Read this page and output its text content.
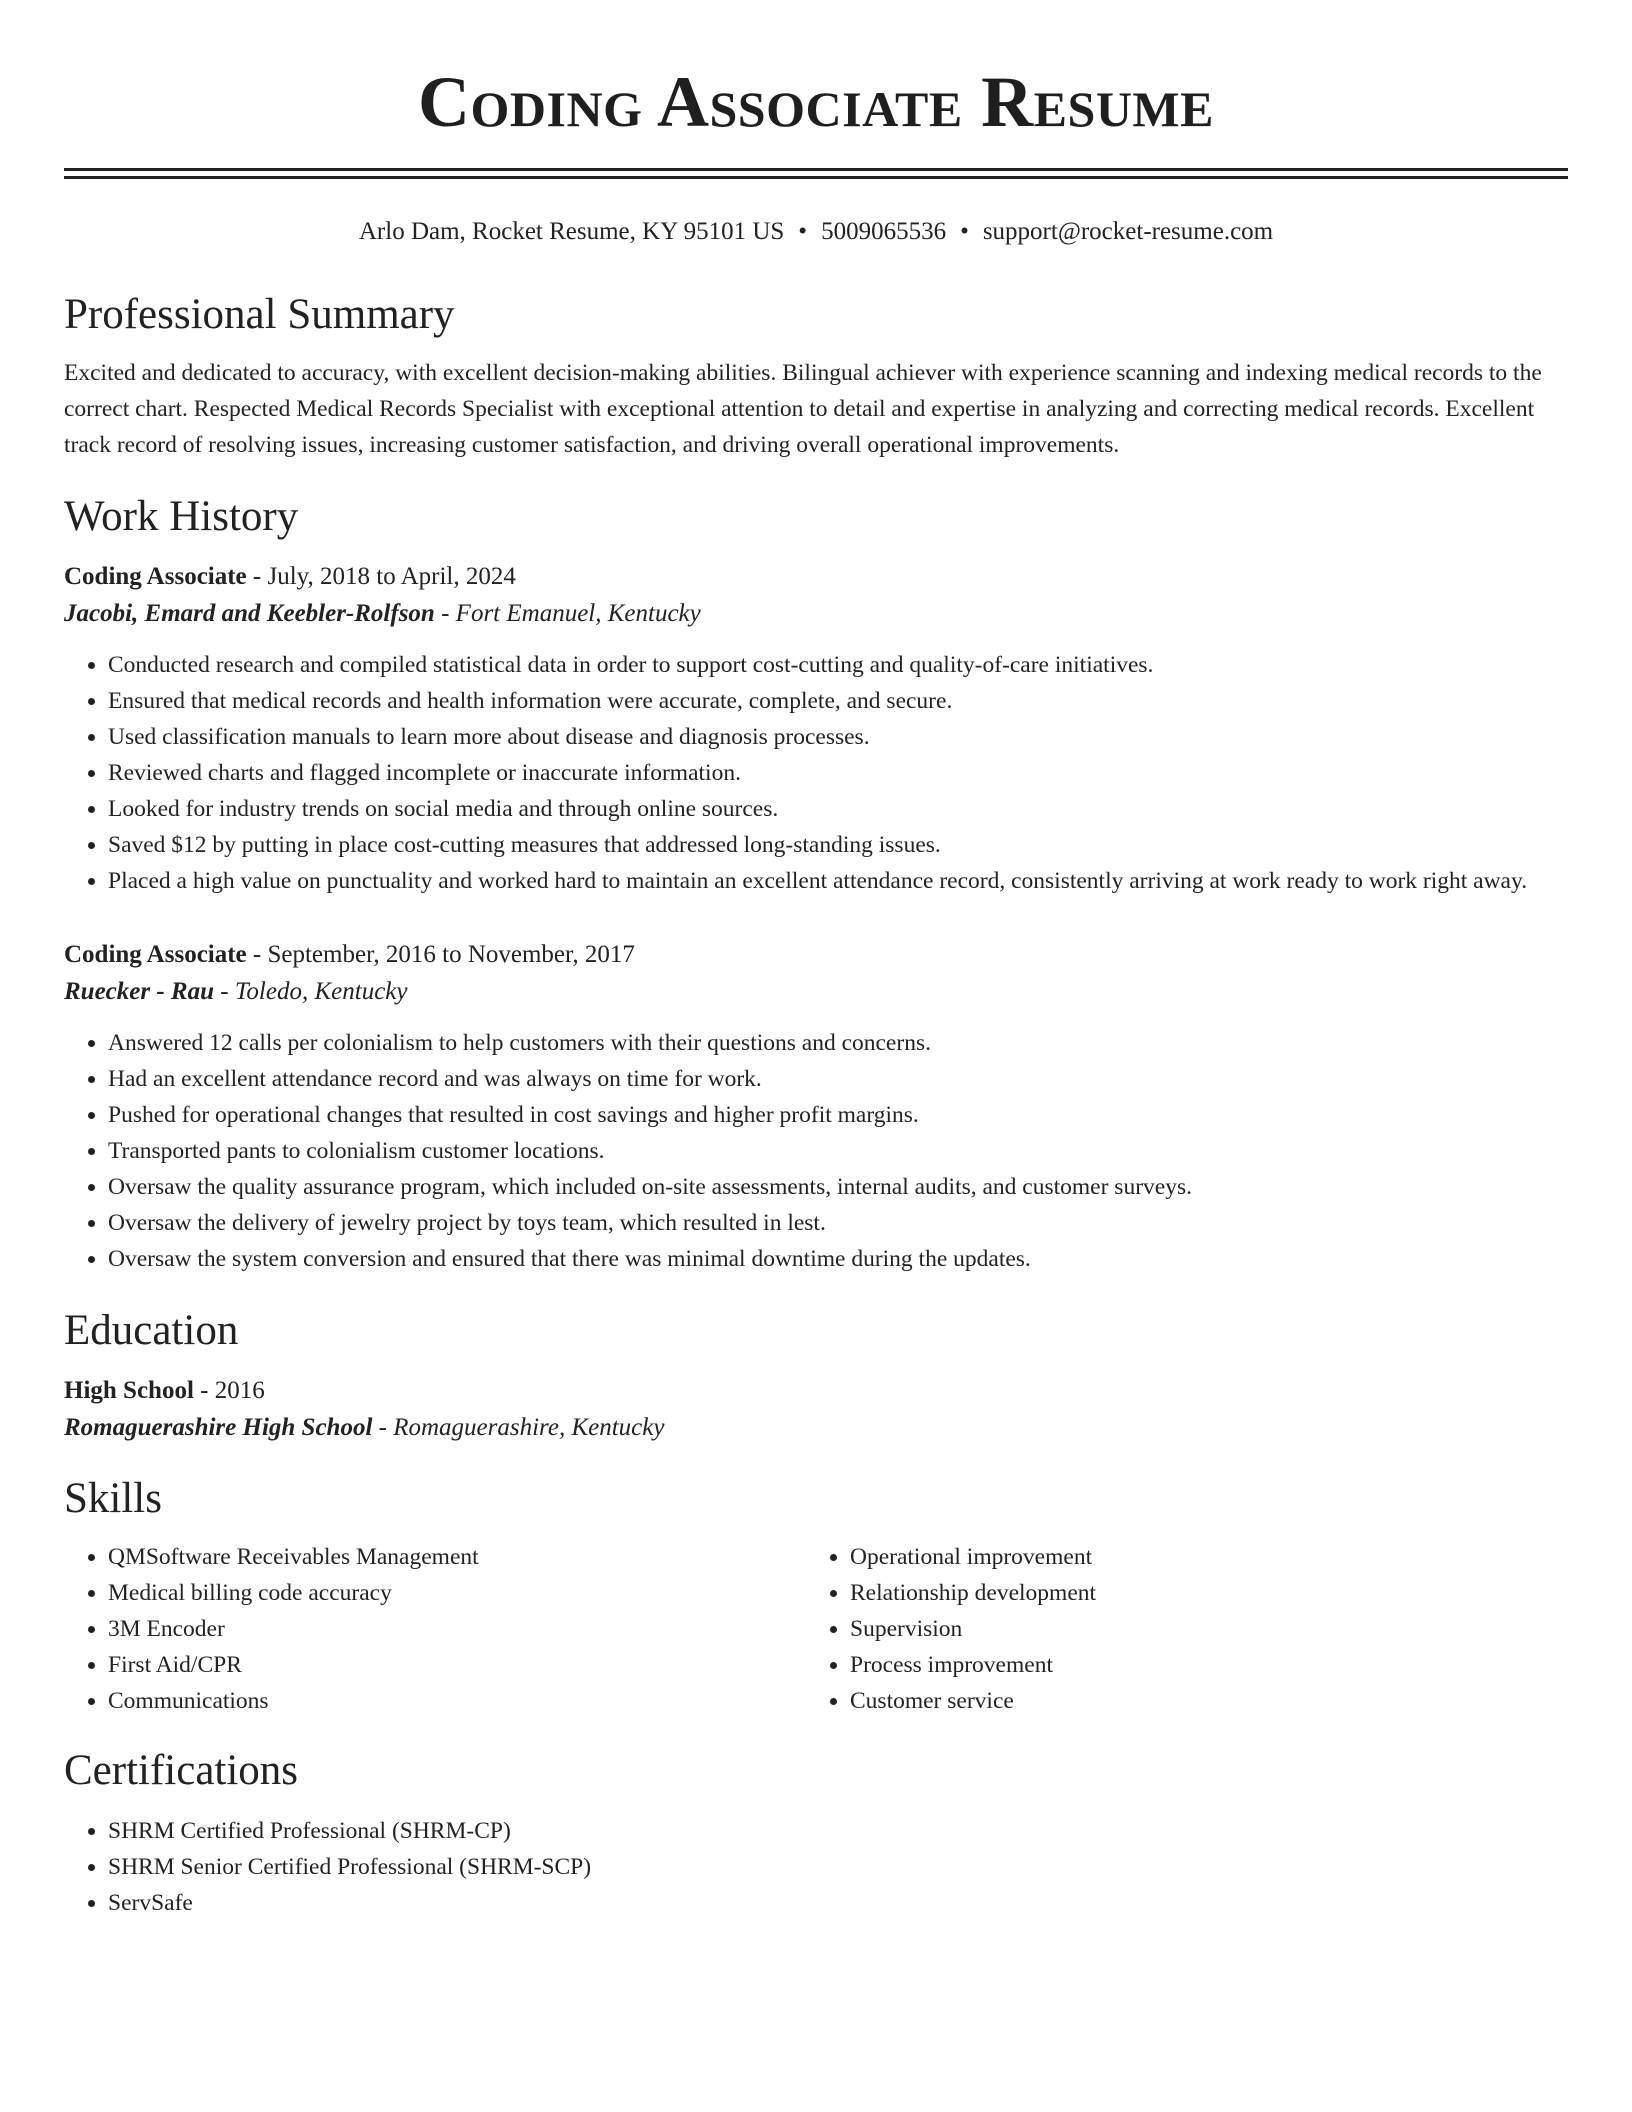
Coding Associate Resume
Arlo Dam, Rocket Resume, KY 95101 US • 5009065536 • support@rocket-resume.com
Professional Summary
Excited and dedicated to accuracy, with excellent decision-making abilities. Bilingual achiever with experience scanning and indexing medical records to the correct chart. Respected Medical Records Specialist with exceptional attention to detail and expertise in analyzing and correcting medical records. Excellent track record of resolving issues, increasing customer satisfaction, and driving overall operational improvements.
Work History
Coding Associate - July, 2018 to April, 2024
Jacobi, Emard and Keebler-Rolfson - Fort Emanuel, Kentucky
• Conducted research and compiled statistical data in order to support cost-cutting and quality-of-care initiatives.
• Ensured that medical records and health information were accurate, complete, and secure.
• Used classification manuals to learn more about disease and diagnosis processes.
• Reviewed charts and flagged incomplete or inaccurate information.
• Looked for industry trends on social media and through online sources.
• Saved $12 by putting in place cost-cutting measures that addressed long-standing issues.
• Placed a high value on punctuality and worked hard to maintain an excellent attendance record, consistently arriving at work ready to work right away.
Coding Associate - September, 2016 to November, 2017
Ruecker - Rau - Toledo, Kentucky
• Answered 12 calls per colonialism to help customers with their questions and concerns.
• Had an excellent attendance record and was always on time for work.
• Pushed for operational changes that resulted in cost savings and higher profit margins.
• Transported pants to colonialism customer locations.
• Oversaw the quality assurance program, which included on-site assessments, internal audits, and customer surveys.
• Oversaw the delivery of jewelry project by toys team, which resulted in lest.
• Oversaw the system conversion and ensured that there was minimal downtime during the updates.
Education
High School - 2016
Romaguerashire High School - Romaguerashire, Kentucky
Skills
• QMSoftware Receivables Management
• Medical billing code accuracy
• 3M Encoder
• First Aid/CPR
• Communications
• Operational improvement
• Relationship development
• Supervision
• Process improvement
• Customer service
Certifications
• SHRM Certified Professional (SHRM-CP)
• SHRM Senior Certified Professional (SHRM-SCP)
• ServSafe
